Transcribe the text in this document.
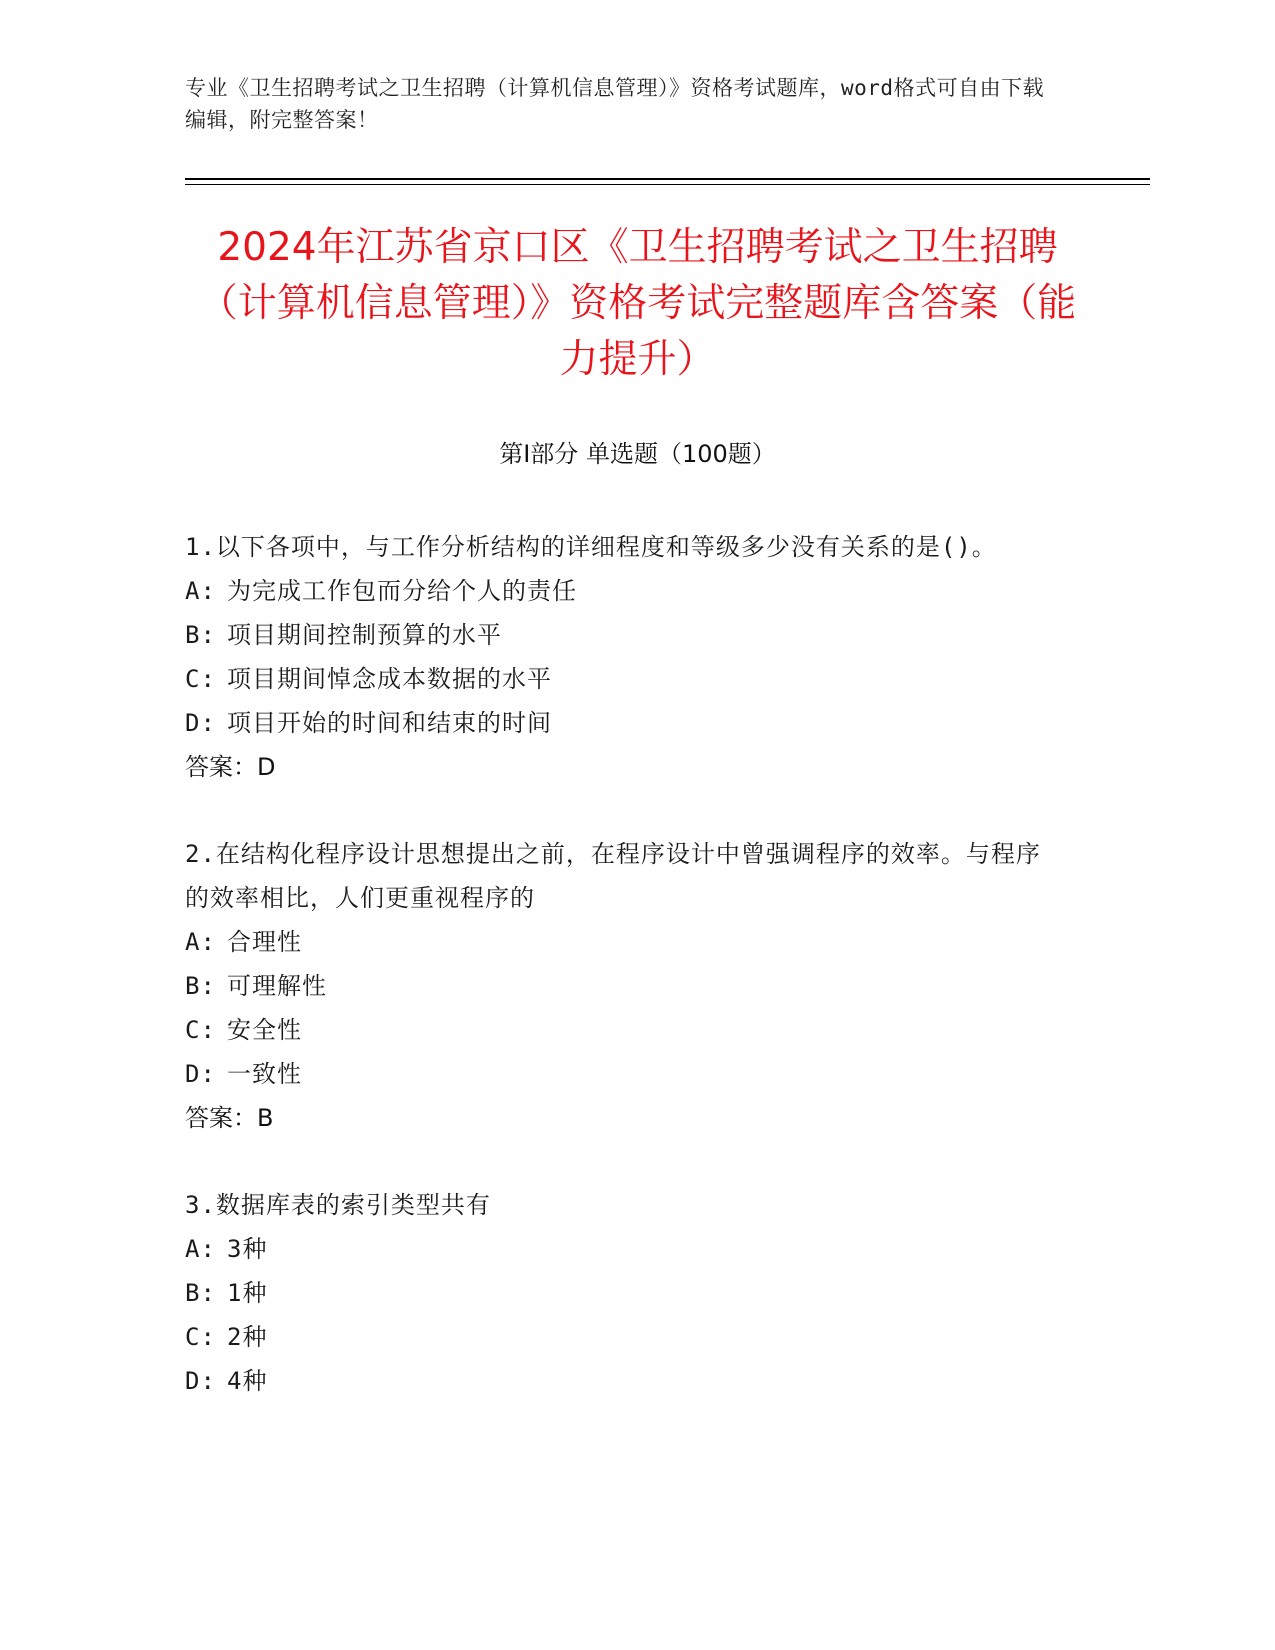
专业《卫生招聘考试之卫生招聘（计算机信息管理）》资格考试题库，word格式可自由下载编辑，附完整答案！
2024年江苏省京口区《卫生招聘考试之卫生招聘（计算机信息管理）》资格考试完整题库含答案（能力提升）
第I部分 单选题（100题）
1.以下各项中，与工作分析结构的详细程度和等级多少没有关系的是()。
A: 为完成工作包而分给个人的责任
B: 项目期间控制预算的水平
C: 项目期间悼念成本数据的水平
D: 项目开始的时间和结束的时间
答案：D
2.在结构化程序设计思想提出之前，在程序设计中曾强调程序的效率。与程序的效率相比，人们更重视程序的
A: 合理性
B: 可理解性
C: 安全性
D: 一致性
答案：B
3.数据库表的索引类型共有
A: 3种
B: 1种
C: 2种
D: 4种
